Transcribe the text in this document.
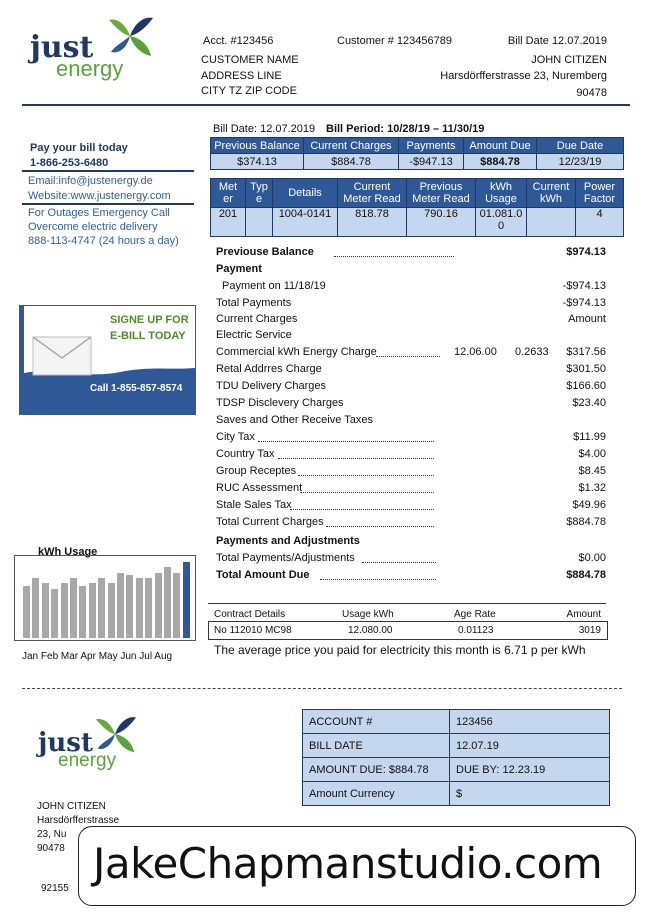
just
energy
Acct. #123456	Customer # 123456789	Bill Date 12.07.2019
CUSTOMER NAME
ADDRESS LINE
CITY TZ ZIP CODE
JOHN CITIZEN
Harsdörfferstrasse 23, Nuremberg
90478
Pay your bill today
1-866-253-6480
Email:info@justenergy.de
Website:www.justenergy.com
For Outages Emergency Call
Overcome electric delivery
888-113-4747 (24 hours a day)
SIGNE UP FOR
E-BILL TODAY
Call 1-855-857-8574
kWh Usage
Jan Feb Mar Apr May Jun Jul Aug
Bill Date: 12.07.2019 Bill Period: 10/28/19 – 11/30/19
Previous Balance	Current Charges	Payments	Amount Due	Due Date
$374.13	$884.78	-$947.13	$884.78	12/23/19
Met er	Typ e	Details	Current Meter Read	Previous Meter Read	kWh Usage	Current kWh	Power Factor
201		1004-0141	818.78	790.16	01.081.0 0		4
Previouse Balance	$974.13
Payment
Payment on 11/18/19	-$974.13
Total Payments	-$974.13
Current Charges	Amount
Electric Service
Commercial kWh Energy Charge	12.06.00 0.2633 $317.56
Retal Addrres Charge	$301.50
TDU Delivery Charges	$166.60
TDSP Disclevery Charges	$23.40
Saves and Other Receive Taxes
City Tax	$11.99
Country Tax	$4.00
Group Receptes	$8.45
RUC Assessment	$1.32
Stale Sales Tax	$49.96
Total Current Charges	$884.78
Payments and Adjustments
Total Payments/Adjustments	$0.00
Total Amount Due	$884.78
Contract Details	Usage kWh	Age Rate	Amount
No 112010 MC98	12.080.00	0.01123	3019
The average price you paid for electricity this month is 6.71 p per kWh
just
energy
JOHN CITIZEN
Harsdörfferstrasse
23, Nu
90478
92155
ACCOUNT #	123456
BILL DATE	12.07.19
AMOUNT DUE: $884.78	DUE BY: 12.23.19
Amount Currency	$
JakeChapmanstudio.com
